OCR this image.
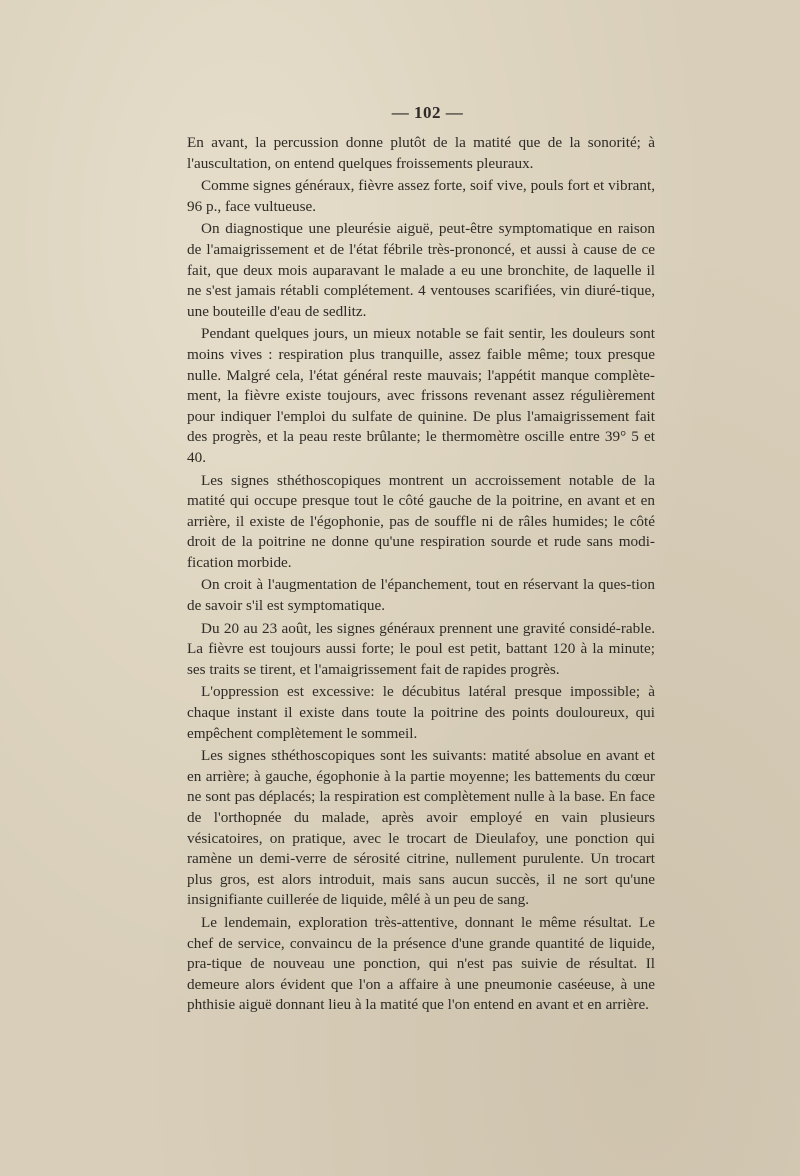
— 102 —

En avant, la percussion donne plutôt de la matité que de la sonorité; à l'auscultation, on entend quelques froissements pleuraux.

Comme signes généraux, fièvre assez forte, soif vive, pouls fort et vibrant, 96 p., face vultueuse.

On diagnostique une pleurésie aiguë, peut-être symptomatique en raison de l'amaigrissement et de l'état fébrile très-prononcé, et aussi à cause de ce fait, que deux mois auparavant le malade a eu une bronchite, de laquelle il ne s'est jamais rétabli complétement. 4 ventouses scarifiées, vin diuré-tique, une bouteille d'eau de sedlitz.

Pendant quelques jours, un mieux notable se fait sentir, les douleurs sont moins vives : respiration plus tranquille, assez faible même; toux presque nulle. Malgré cela, l'état général reste mauvais; l'appétit manque complète-ment, la fièvre existe toujours, avec frissons revenant assez régulièrement pour indiquer l'emploi du sulfate de quinine. De plus l'amaigrissement fait des progrès, et la peau reste brûlante; le thermomètre oscille entre 39° 5 et 40.

Les signes sthéthoscopiques montrent un accroissement notable de la matité qui occupe presque tout le côté gauche de la poitrine, en avant et en arrière, il existe de l'égophonie, pas de souffle ni de râles humides; le côté droit de la poitrine ne donne qu'une respiration sourde et rude sans modi-fication morbide.

On croit à l'augmentation de l'épanchement, tout en réservant la ques-tion de savoir s'il est symptomatique.

Du 20 au 23 août, les signes généraux prennent une gravité considé-rable. La fièvre est toujours aussi forte; le poul est petit, battant 120 à la minute; ses traits se tirent, et l'amaigrissement fait de rapides progrès.

L'oppression est excessive: le décubitus latéral presque impossible; à chaque instant il existe dans toute la poitrine des points douloureux, qui empêchent complètement le sommeil.

Les signes sthéthoscopiques sont les suivants: matité absolue en avant et en arrière; à gauche, égophonie à la partie moyenne; les battements du cœur ne sont pas déplacés; la respiration est complètement nulle à la base. En face de l'orthopnée du malade, après avoir employé en vain plusieurs vésicatoires, on pratique, avec le trocart de Dieulafoy, une ponction qui ramène un demi-verre de sérosité citrine, nullement purulente. Un trocart plus gros, est alors introduit, mais sans aucun succès, il ne sort qu'une insignifiante cuillerée de liquide, mêlé à un peu de sang.

Le lendemain, exploration très-attentive, donnant le même résultat. Le chef de service, convaincu de la présence d'une grande quantité de liquide, pra-tique de nouveau une ponction, qui n'est pas suivie de résultat. Il demeure alors évident que l'on a affaire à une pneumonie caséeuse, à une phthisie aiguë donnant lieu à la matité que l'on entend en avant et en arrière.
